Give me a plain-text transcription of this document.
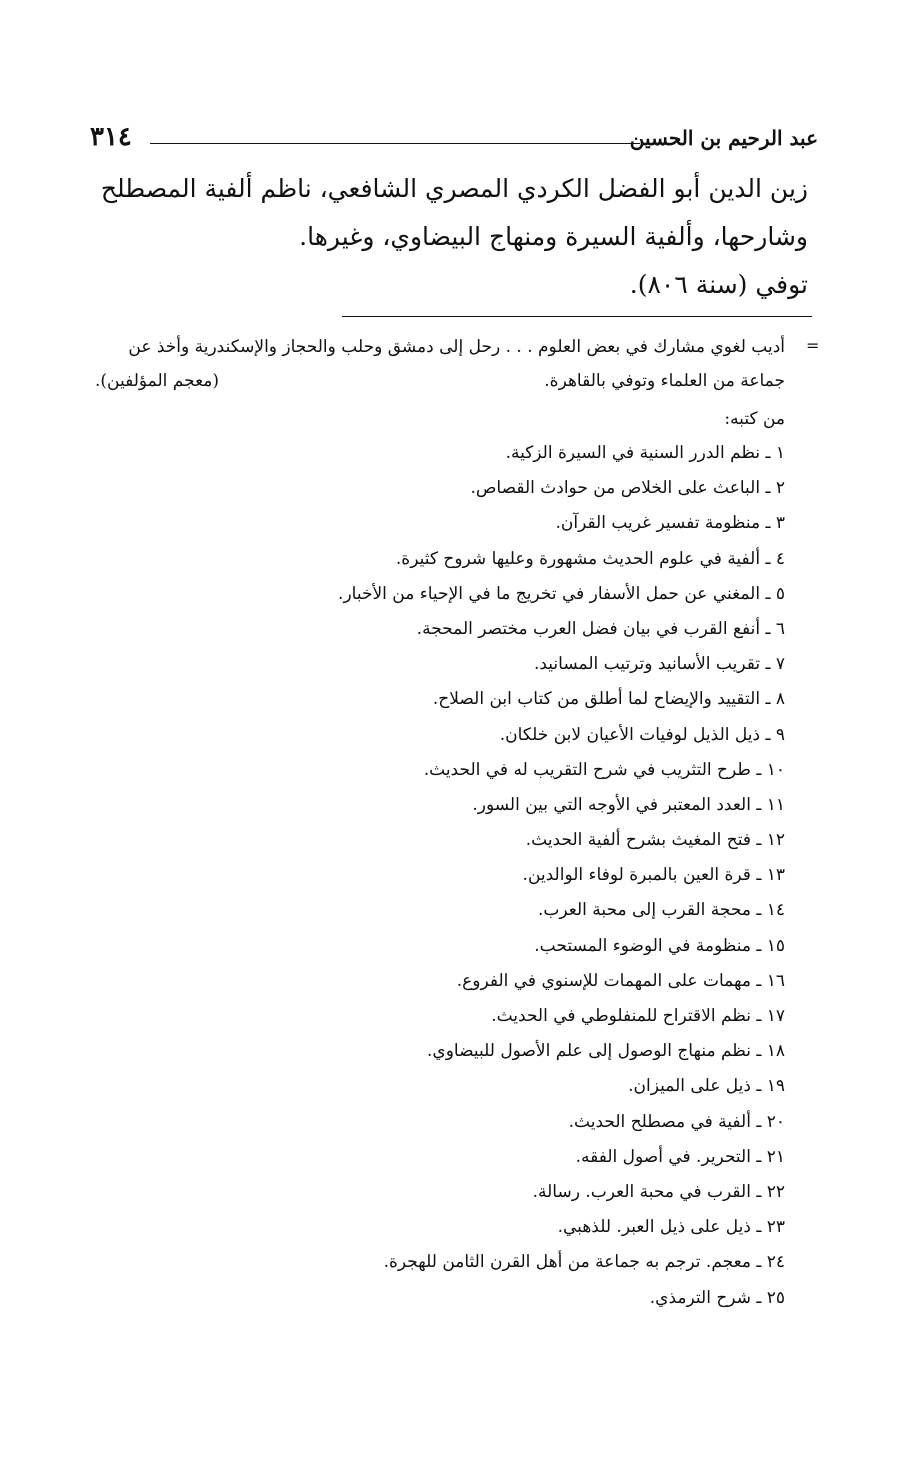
عبد الرحيم بن الحسين
٣١٤
زين الدين أبو الفضل الكردي المصري الشافعي، ناظم ألفية المصطلح
وشارحها، وألفية السيرة ومنهاج البيضاوي، وغيرها.
توفي (سنة ٨٠٦).
=
أديب لغوي مشارك في بعض العلوم . . . رحل إلى دمشق وحلب والحجاز والإسكندرية وأخذ عن
جماعة من العلماء وتوفي بالقاهرة.
(معجم المؤلفين).
من كتبه:
١ ـ نظم الدرر السنية في السيرة الزكية.
٢ ـ الباعث على الخلاص من حوادث القصاص.
٣ ـ منظومة تفسير غريب القرآن.
٤ ـ ألفية في علوم الحديث مشهورة وعليها شروح كثيرة.
٥ ـ المغني عن حمل الأسفار في تخريج ما في الإحياء من الأخبار.
٦ ـ أنفع القرب في بيان فضل العرب مختصر المحجة.
٧ ـ تقريب الأسانيد وترتيب المسانيد.
٨ ـ التقييد والإيضاح لما أطلق من كتاب ابن الصلاح.
٩ ـ ذيل الذيل لوفيات الأعيان لابن خلكان.
١٠ ـ طرح التثريب في شرح التقريب له في الحديث.
١١ ـ العدد المعتبر في الأوجه التي بين السور.
١٢ ـ فتح المغيث بشرح ألفية الحديث.
١٣ ـ قرة العين بالمبرة لوفاء الوالدين.
١٤ ـ محجة القرب إلى محبة العرب.
١٥ ـ منظومة في الوضوء المستحب.
١٦ ـ مهمات على المهمات للإسنوي في الفروع.
١٧ ـ نظم الاقتراح للمنفلوطي في الحديث.
١٨ ـ نظم منهاج الوصول إلى علم الأصول للبيضاوي.
١٩ ـ ذيل على الميزان.
٢٠ ـ ألفية في مصطلح الحديث.
٢١ ـ التحرير. في أصول الفقه.
٢٢ ـ القرب في محبة العرب. رسالة.
٢٣ ـ ذيل على ذيل العبر. للذهبي.
٢٤ ـ معجم. ترجم به جماعة من أهل القرن الثامن للهجرة.
٢٥ ـ شرح الترمذي.
